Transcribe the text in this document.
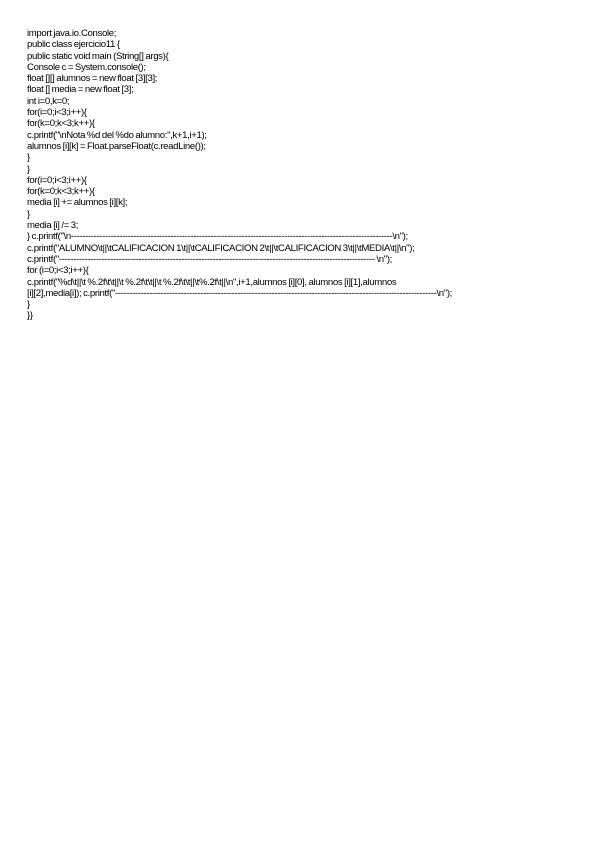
import java.io.Console;
public class ejercicio11 {
public static void main (String[] args){
Console c = System.console();
float [][] alumnos = new float [3][3];
float [] media = new float [3];
int i=0,k=0;
for(i=0;i<3;i++){
for(k=0;k<3;k++){
c.printf("\nNota %d del %do alumno:",k+1,i+1);
alumnos [i][k] = Float.parseFloat(c.readLine());
}
}
for(i=0;i<3;i++){
for(k=0;k<3;k++){
media [i] += alumnos [i][k];
}
media [i] /= 3;
} c.printf("\n-----------------------------------------------------------------------------------------------------------------\n");
c.printf("ALUMNO\t||\tCALIFICACION 1\t||\tCALIFICACION 2\t||\tCALIFICACION 3\t||\tMEDIA\t||\n");
c.printf("--------------------------------------------------------------------------------------------------------------- \n");
for (i=0;i<3;i++){
c.printf("%d\t||\t %.2f\t\t||\t %.2f\t\t||\t %.2f\t\t||\t%.2f\t||\n",i+1,alumnos [i][0], alumnos [i][1],alumnos
[i][2],media[i]); c.printf("-----------------------------------------------------------------------------------------------------------------\n");
}
}}
